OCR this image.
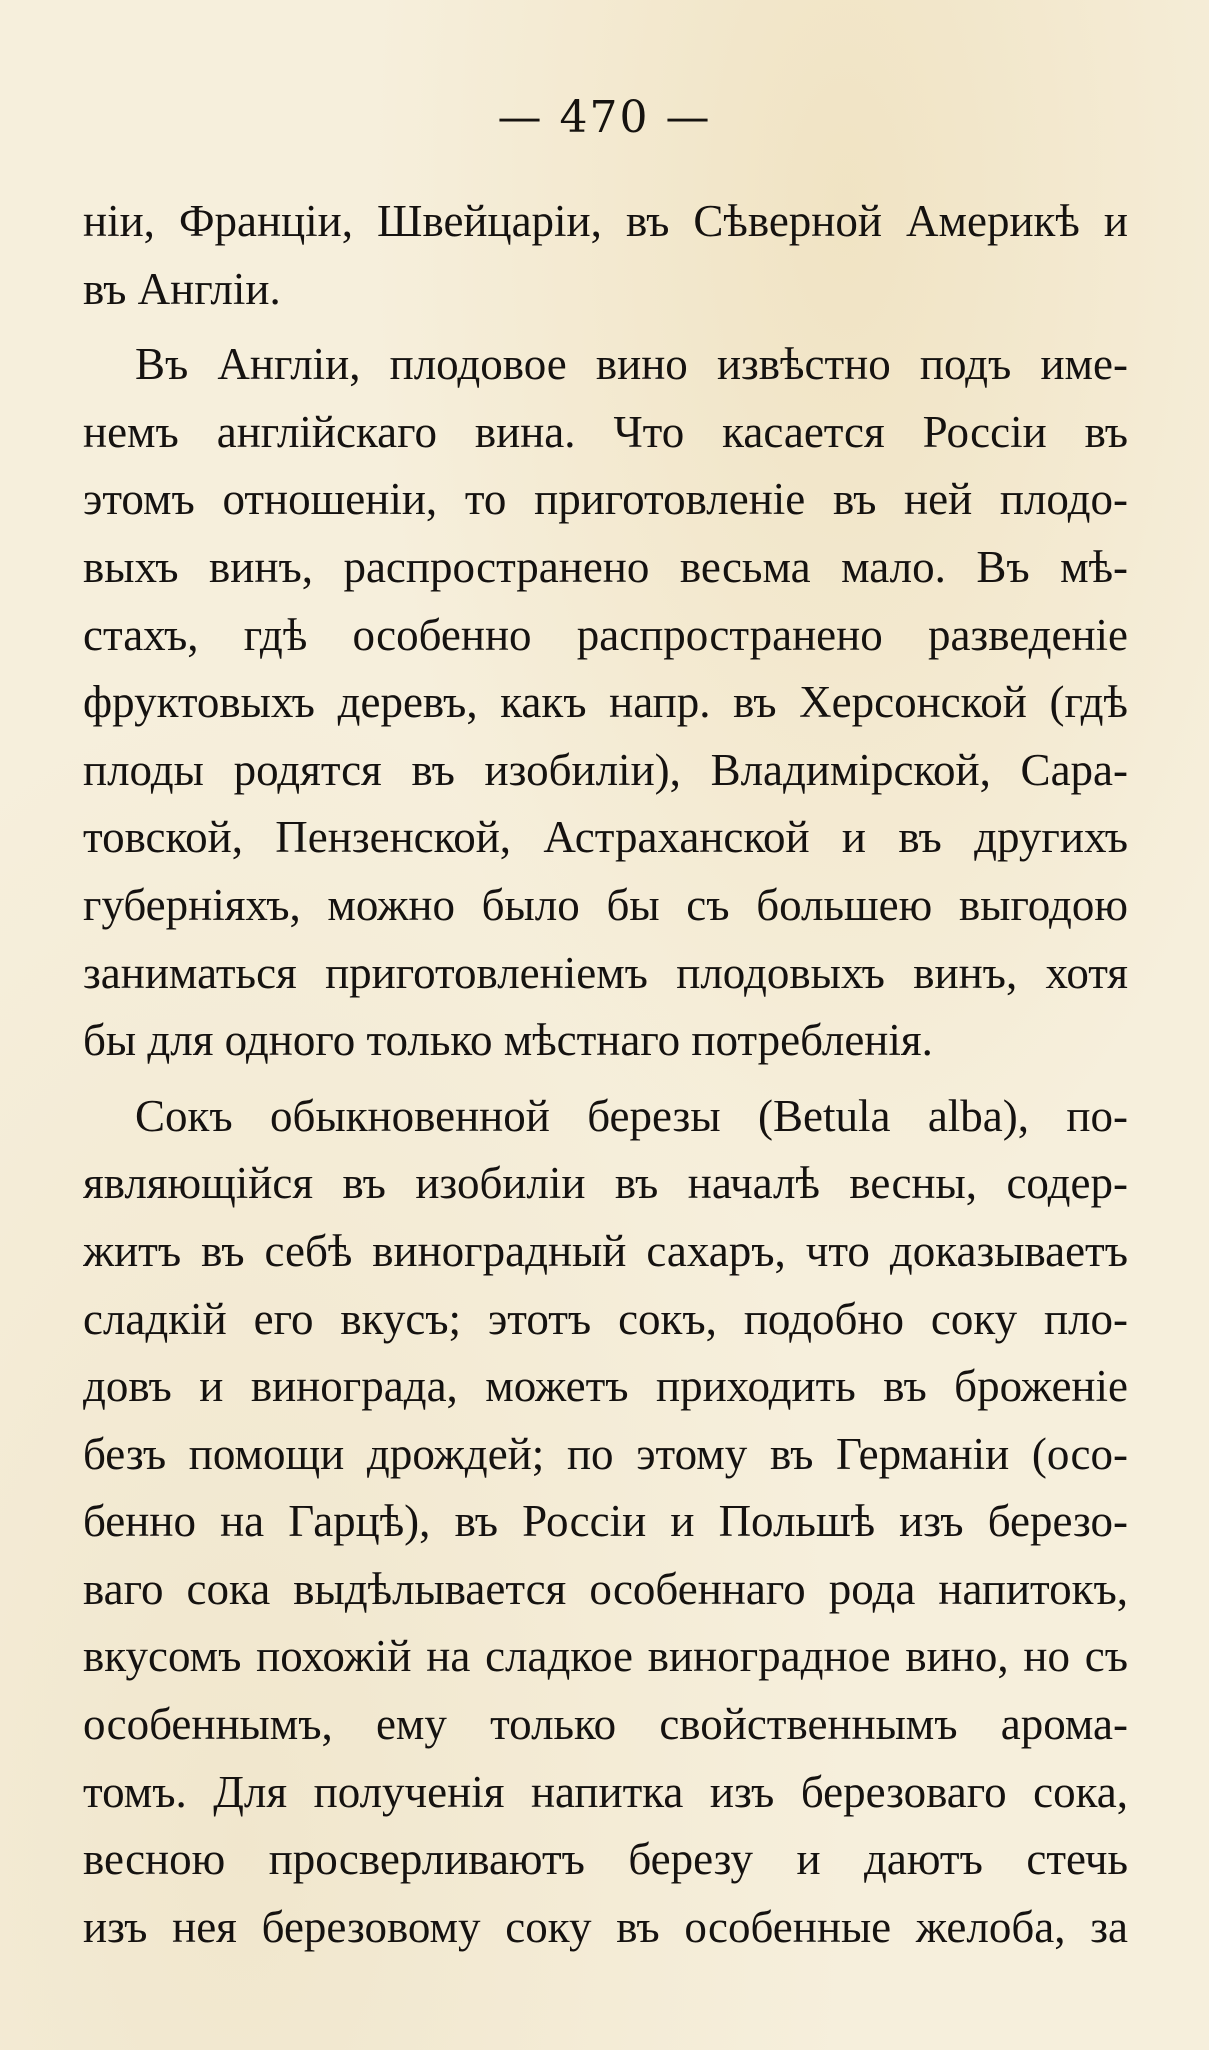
— 470 —
ніи, Франціи, Швейцаріи, въ Сѣверной Америкѣ и
въ Англіи.
Въ Англіи, плодовое вино извѣстно подъ име-
немъ англійскаго вина. Что касается Россіи въ
этомъ отношеніи, то приготовленіе въ ней плодо-
выхъ винъ, распространено весьма мало. Въ мѣ-
стахъ, гдѣ особенно распространено разведеніе
фруктовыхъ деревъ, какъ напр. въ Херсонской (гдѣ
плоды родятся въ изобиліи), Владимірской, Сара-
товской, Пензенской, Астраханской и въ другихъ
губерніяхъ, можно было бы съ большею выгодою
заниматься приготовленіемъ плодовыхъ винъ, хотя
бы для одного только мѣстнаго потребленія.
Сокъ обыкновенной березы (Betula alba), по-
являющійся въ изобиліи въ началѣ весны, содер-
житъ въ себѣ виноградный сахаръ, что доказываетъ
сладкій его вкусъ; этотъ сокъ, подобно соку пло-
довъ и винограда, можетъ приходить въ броженіе
безъ помощи дрождей; по этому въ Германіи (осо-
бенно на Гарцѣ), въ Россіи и Польшѣ изъ березо-
ваго сока выдѣлывается особеннаго рода напитокъ,
вкусомъ похожій на сладкое виноградное вино, но съ
особеннымъ, ему только свойственнымъ арома-
томъ. Для полученія напитка изъ березоваго сока,
весною просверливаютъ березу и даютъ стечь
изъ нея березовому соку въ особенные желоба, за
